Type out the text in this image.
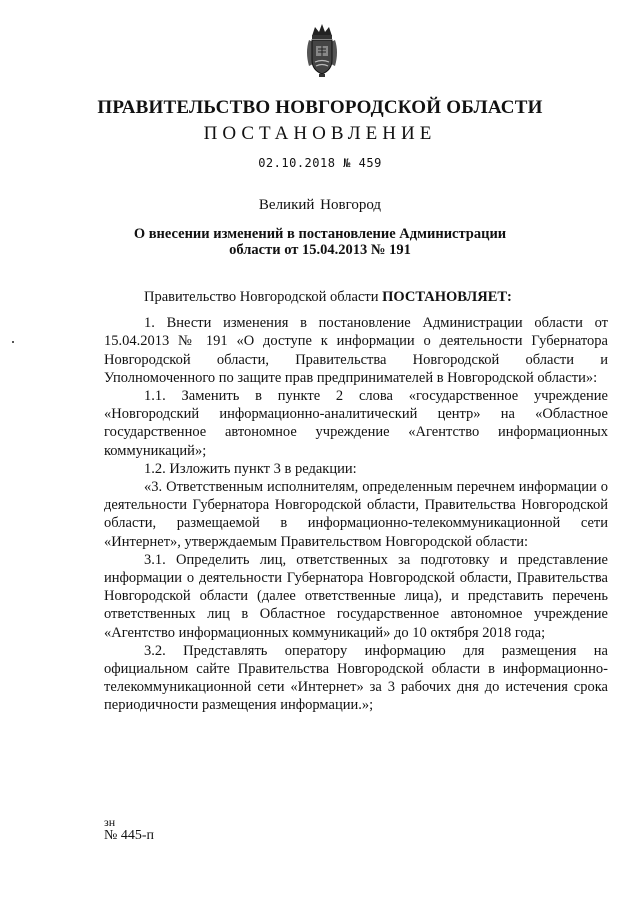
ПРАВИТЕЛЬСТВО НОВГОРОДСКОЙ ОБЛАСТИ
ПОСТАНОВЛЕНИЕ
02.10.2018 № 459
Великий Новгород
О внесении изменений в постановление Администрации
области от 15.04.2013 № 191

Правительство Новгородской области ПОСТАНОВЛЯЕТ:

1. Внести изменения в постановление Администрации области от 15.04.2013 № 191 «О доступе к информации о деятельности Губернатора Новгородской области, Правительства Новгородской области и Уполномоченного по защите прав предпринимателей в Новгородской области»:

1.1. Заменить в пункте 2 слова «государственное учреждение «Новгородский информационно-аналитический центр» на «Областное государственное автономное учреждение «Агентство информационных коммуникаций»;

1.2. Изложить пункт 3 в редакции:

«3. Ответственным исполнителям, определенным перечнем информации о деятельности Губернатора Новгородской области, Правительства Новгородской области, размещаемой в информационно-телекоммуникационной сети «Интернет», утверждаемым Правительством Новгородской области:

3.1. Определить лиц, ответственных за подготовку и представление информации о деятельности Губернатора Новгородской области, Правительства Новгородской области (далее ответственные лица), и представить перечень ответственных лиц в Областное государственное автономное учреждение «Агентство информационных коммуникаций» до 10 октября 2018 года;

3.2. Представлять оператору информацию для размещения на официальном сайте Правительства Новгородской области в информационно-телекоммуникационной сети «Интернет» за 3 рабочих дня до истечения срока периодичности размещения информации.»;

зн
№ 445-п
